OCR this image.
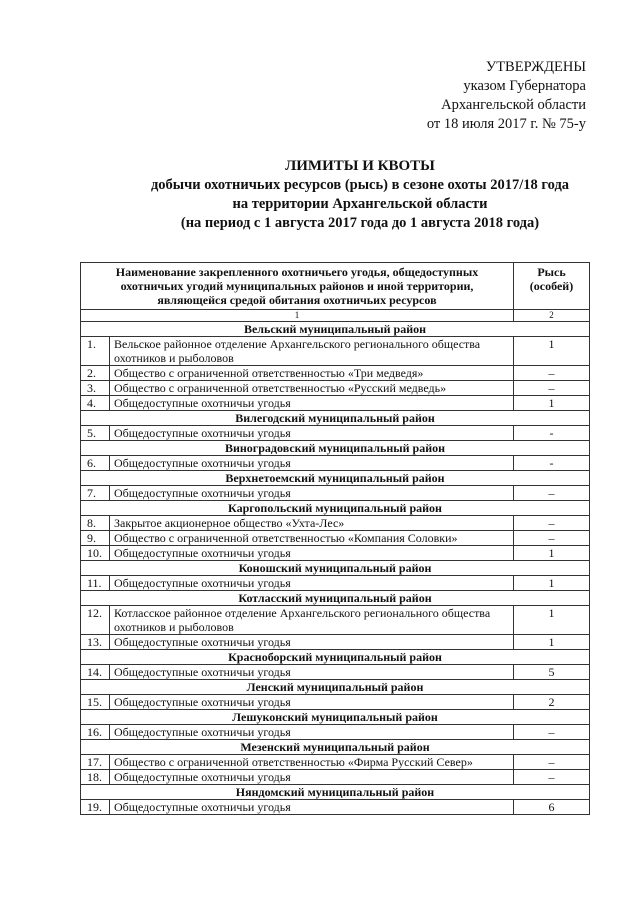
УТВЕРЖДЕНЫ
указом Губернатора
Архангельской области
от 18 июля 2017 г. № 75-у
ЛИМИТЫ И КВОТЫ
добычи охотничьих ресурсов (рысь) в сезоне охоты 2017/18 года
на территории Архангельской области
(на период с 1 августа 2017 года до 1 августа 2018 года)
Наименование закрепленного охотничьего угодья, общедоступных охотничьих угодий муниципальных районов и иной территории, являющейся средой обитания охотничьих ресурсов		Рысь (особей)
1		2
Вельский муниципальный район		
1.	Вельское районное отделение Архангельского регионального общества охотников и рыболовов	1
2.	Общество с ограниченной ответственностью «Три медведя»	–
3.	Общество с ограниченной ответственностью «Русский медведь»	–
4.	Общедоступные охотничьи угодья	1
Вилегодский муниципальный район		
5.	Общедоступные охотничьи угодья	-
Виноградовский муниципальный район		
6.	Общедоступные охотничьи угодья	-
Верхнетоемский муниципальный район		
7.	Общедоступные охотничьи угодья	–
Каргопольский муниципальный район		
8.	Закрытое акционерное общество «Ухта-Лес»	–
9.	Общество с ограниченной ответственностью «Компания Соловки»	–
10.	Общедоступные охотничьи угодья	1
Коношский муниципальный район		
11.	Общедоступные охотничьи угодья	1
Котласский муниципальный район		
12.	Котласское районное отделение Архангельского регионального общества охотников и рыболовов	1
13.	Общедоступные охотничьи угодья	1
Красноборский муниципальный район		
14.	Общедоступные охотничьи угодья	5
Ленский муниципальный район		
15.	Общедоступные охотничьи угодья	2
Лешуконский муниципальный район		
16.	Общедоступные охотничьи угодья	–
Мезенский муниципальный район		
17.	Общество с ограниченной ответственностью «Фирма Русский Север»	–
18.	Общедоступные охотничьи угодья	–
Няндомский муниципальный район		
19.	Общедоступные охотничьи угодья	6
